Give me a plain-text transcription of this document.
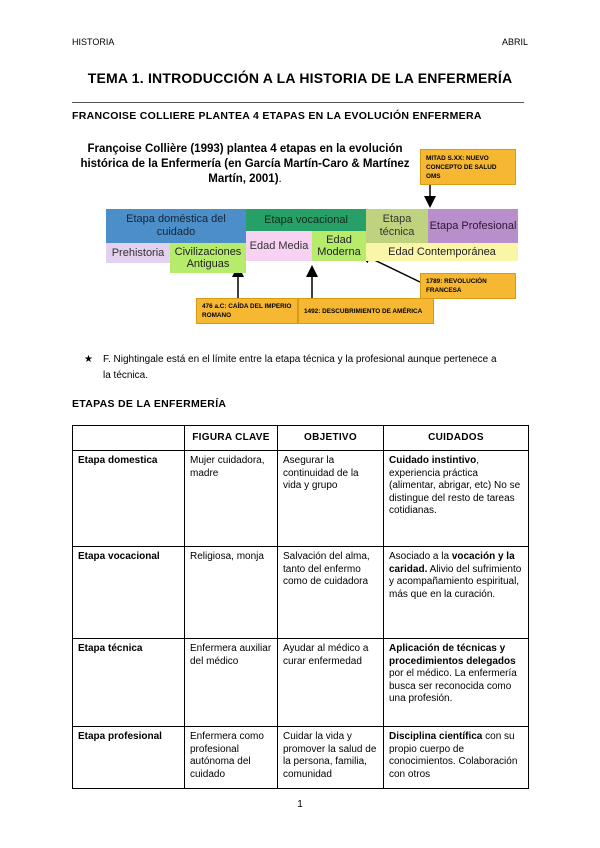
HISTORIA	ABRIL
TEMA 1. INTRODUCCIÓN A LA HISTORIA DE LA ENFERMERÍA
FRANCOISE COLLIERE PLANTEA 4 ETAPAS EN LA EVOLUCIÓN ENFERMERA
Françoise Collière (1993) plantea 4 etapas en la evolución histórica de la Enfermería (en García Martín-Caro & Martínez Martín, 2001).
MITAD S.XX: NUEVO CONCEPTO DE SALUD OMS
Etapa doméstica del cuidado
Etapa vocacional	Etapa técnica
Etapa Profesional
Prehistoria Civilizaciones Antiguas
Edad Media	Edad Moderna	Edad Contemporánea
1789: REVOLUCIÓN FRANCESA
476 a.C: CAÍDA DEL IMPERIO ROMANO
1492: DESCUBRIMIENTO DE AMÉRICA
★ F. Nightingale está en el límite entre la etapa técnica y la profesional aunque pertenece a la técnica.
ETAPAS DE LA ENFERMERÍA
	FIGURA CLAVE	OBJETIVO	CUIDADOS
Etapa domestica	Mujer cuidadora, madre	Asegurar la continuidad de la vida y grupo	Cuidado instintivo, experiencia práctica (alimentar, abrigar, etc) No se distingue del resto de tareas cotidianas.
Etapa vocacional	Religiosa, monja	Salvación del alma, tanto del enfermo como de cuidadora	Asociado a la vocación y la caridad. Alivio del sufrimiento y acompañamiento espiritual, más que en la curación.
Etapa técnica	Enfermera auxiliar del médico	Ayudar al médico a curar enfermedad	Aplicación de técnicas y procedimientos delegados por el médico. La enfermería busca ser reconocida como una profesión.
Etapa profesional	Enfermera como profesional autónoma del cuidado	Cuidar la vida y promover la salud de la persona, familia, comunidad	Disciplina científica con su propio cuerpo de conocimientos. Colaboración con otros
1
